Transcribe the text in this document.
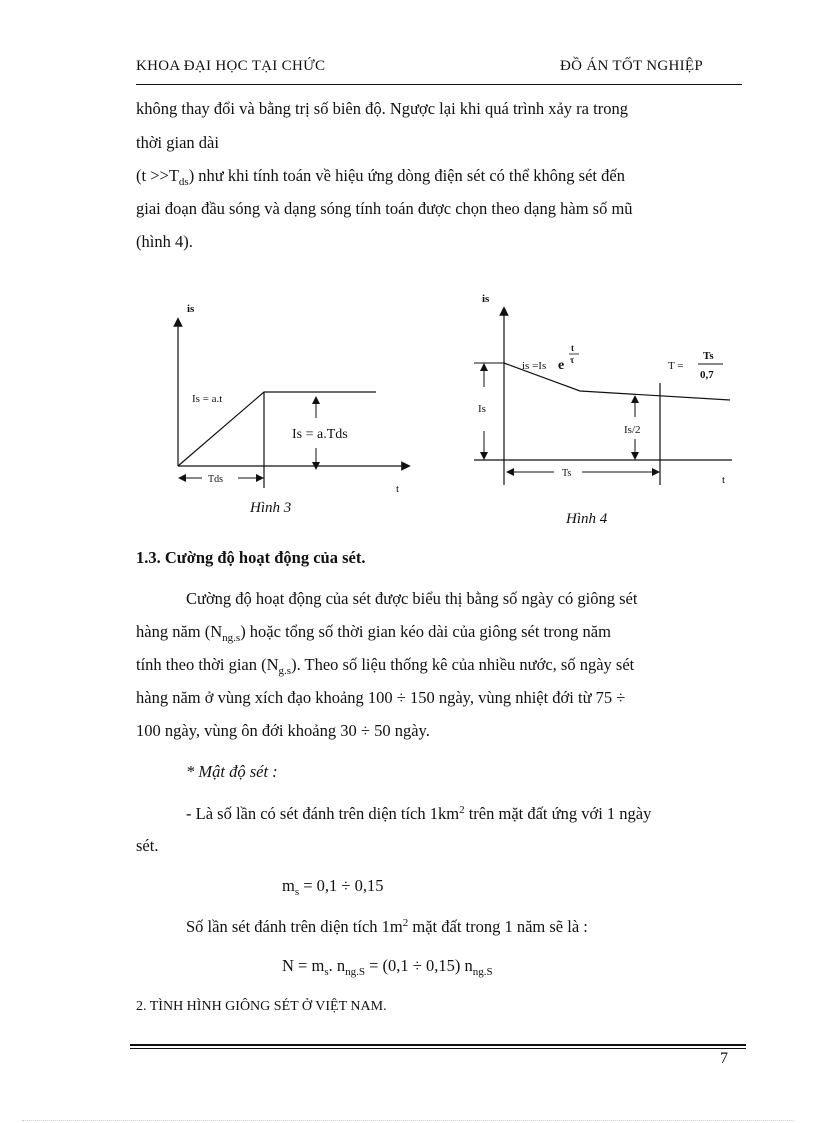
KHOA ĐẠI HỌC TẠI CHỨC	ĐỒ ÁN TỐT NGHIỆP
không thay đổi và bằng trị số biên độ. Ngược lại khi quá trình xảy ra trong
thời gian dài
$(t >>T_{ds})$ như khi tính toán về hiệu ứng dòng điện sét có thể không sét đến
giai đoạn đầu sóng và dạng sóng tính toán được chọn theo dạng hàm số mũ
(hình 4).
is
Is = a.t
Is = a.Tds
Tds
t
Hình 3
is
is =Is e
t
τ	T =
Ts
0,7
Is
Is/2
Ts
t
Hình 4
1.3. Cường độ hoạt động của sét.
Cường độ hoạt động của sét được biểu thị bằng số ngày có giông sét
hàng năm $(N_{ng.s})$ hoặc tổng số thời gian kéo dài của giông sét trong năm
tính theo thời gian $(N_{g.s})$. Theo số liệu thống kê của nhiều nước, số ngày sét
hàng năm ở vùng xích đạo khoảng 100 ÷ 150 ngày, vùng nhiệt đới từ 75 ÷
100 ngày, vùng ôn đới khoảng 30 ÷ 50 ngày.
* Mật độ sét :
- Là số lần có sét đánh trên diện tích $1km^2$ trên mặt đất ứng với 1 ngày
sét.
$m_s = 0,1 \div 0,15$
Số lần sét đánh trên diện tích $1m^2$ mặt đất trong 1 năm sẽ là :
$N = m_s$. $n_{ng.S} = (0,1 \div 0,15)$ $n_{ng.S}$
2. TÌNH HÌNH GIÔNG SÉT Ở VIỆT NAM.
7
